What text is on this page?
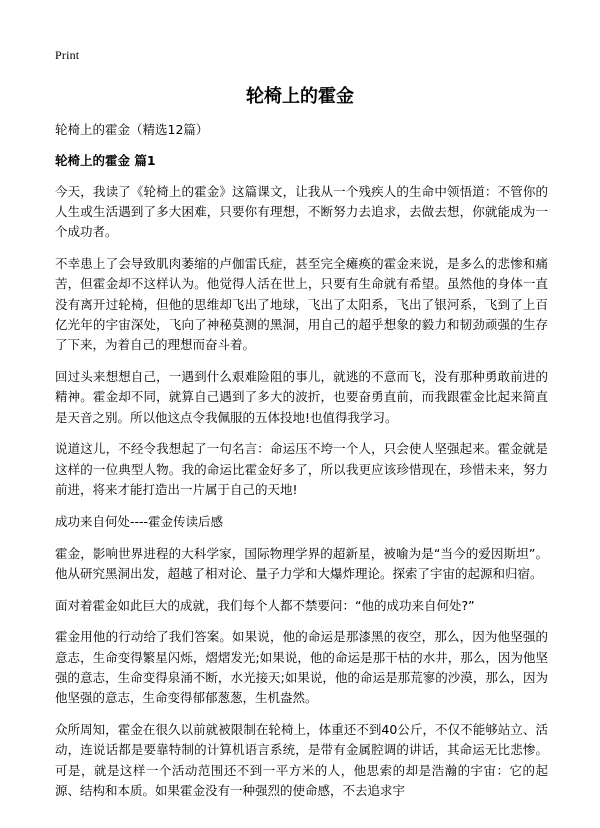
Print
轮椅上的霍金

轮椅上的霍金（精选12篇）

轮椅上的霍金 篇1

今天，我读了《轮椅上的霍金》这篇课文，让我从一个残疾人的生命中领悟道：不管你的人生或生活遇到了多大困难，只要你有理想，不断努力去追求，去做去想，你就能成为一个成功者。

不幸患上了会导致肌肉萎缩的卢伽雷氏症，甚至完全瘫痪的霍金来说，是多么的悲惨和痛苦，但霍金却不这样认为。他觉得人活在世上，只要有生命就有希望。虽然他的身体一直没有离开过轮椅，但他的思维却飞出了地球，飞出了太阳系，飞出了银河系，飞到了上百亿光年的宇宙深处，飞向了神秘莫测的黑洞，用自己的超乎想象的毅力和韧劲顽强的生存了下来，为着自己的理想而奋斗着。

回过头来想想自己，一遇到什么艰难险阻的事儿，就逃的不意而飞，没有那种勇敢前进的精神。霍金却不同，就算自己遇到了多大的波折，也要奋勇直前，而我跟霍金比起来简直是天音之别。所以他这点令我佩服的五体投地!也值得我学习。

说道这儿，不经令我想起了一句名言：命运压不垮一个人，只会使人坚强起来。霍金就是这样的一位典型人物。我的命运比霍金好多了，所以我更应该珍惜现在，珍惜未来，努力前进，将来才能打造出一片属于自己的天地!

成功来自何处----霍金传读后感

霍金，影响世界进程的大科学家，国际物理学界的超新星，被喻为是“当今的爱因斯坦”。他从研究黑洞出发，超越了相对论、量子力学和大爆炸理论。探索了宇宙的起源和归宿。

面对着霍金如此巨大的成就，我们每个人都不禁要问：“他的成功来自何处?”

霍金用他的行动给了我们答案。如果说，他的命运是那漆黑的夜空，那么，因为他坚强的意志，生命变得繁星闪烁，熠熠发光;如果说，他的命运是那干枯的水井，那么，因为他坚强的意志，生命变得泉涌不断，水光接天;如果说，他的命运是那荒寥的沙漠，那么，因为他坚强的意志，生命变得郁郁葱葱，生机盎然。

众所周知，霍金在很久以前就被限制在轮椅上，体重还不到40公斤，不仅不能够站立、活动，连说话都是要靠特制的计算机语言系统，是带有金属腔调的讲话，其命运无比悲惨。可是，就是这样一个活动范围还不到一平方米的人，他思索的却是浩瀚的宇宙：它的起源、结构和本质。如果霍金没有一种强烈的使命感，不去追求宇
